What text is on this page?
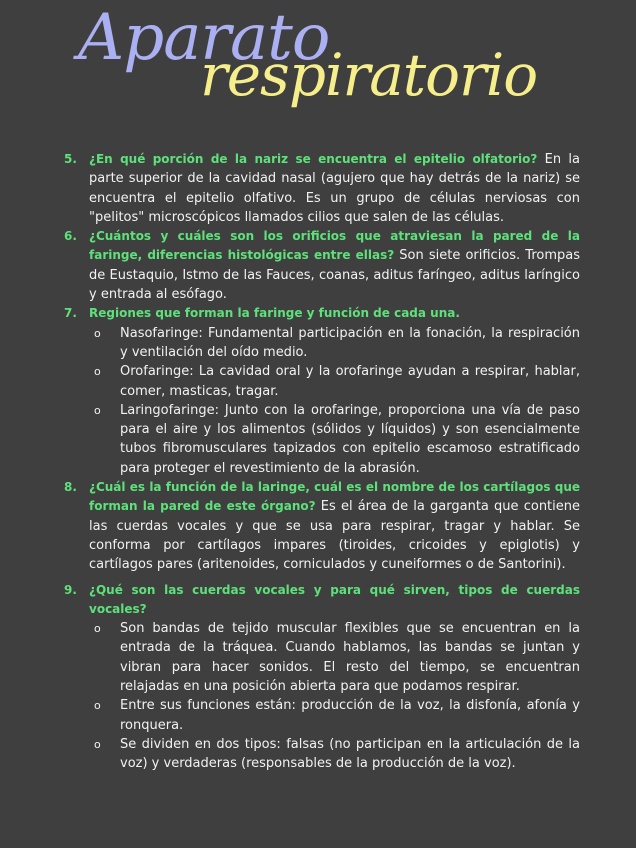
Aparato
respiratorio
5.	¿En qué porción de la nariz se encuentra el epitelio olfatorio? En la parte superior de la cavidad nasal (agujero que hay detrás de la nariz) se encuentra el epitelio olfativo. Es un grupo de células nerviosas con "pelitos" microscópicos llamados cilios que salen de las células.
6.	¿Cuántos y cuáles son los orificios que atraviesan la pared de la faringe, diferencias histológicas entre ellas? Son siete orificios. Trompas de Eustaquio, Istmo de las Fauces, coanas, aditus faríngeo, aditus laríngico y entrada al esófago.
7.	Regiones que forman la faringe y función de cada una.
o	Nasofaringe: Fundamental participación en la fonación, la respiración y ventilación del oído medio.
o	Orofaringe: La cavidad oral y la orofaringe ayudan a respirar, hablar, comer, masticas, tragar.
o	Laringofaringe: Junto con la orofaringe, proporciona una vía de paso para el aire y los alimentos (sólidos y líquidos) y son esencialmente tubos fibromusculares tapizados con epitelio escamoso estratificado para proteger el revestimiento de la abrasión.
8.	¿Cuál es la función de la laringe, cuál es el nombre de los cartílagos que forman la pared de este órgano? Es el área de la garganta que contiene las cuerdas vocales y que se usa para respirar, tragar y hablar. Se conforma por cartílagos impares (tiroides, cricoides y epiglotis) y cartílagos pares (aritenoides, corniculados y cuneiformes o de Santorini).
9.	¿Qué son las cuerdas vocales y para qué sirven, tipos de cuerdas vocales?
o	Son bandas de tejido muscular flexibles que se encuentran en la entrada de la tráquea. Cuando hablamos, las bandas se juntan y vibran para hacer sonidos. El resto del tiempo, se encuentran relajadas en una posición abierta para que podamos respirar.
o	Entre sus funciones están: producción de la voz, la disfonía, afonía y ronquera.
o	Se dividen en dos tipos: falsas (no participan en la articulación de la voz) y verdaderas (responsables de la producción de la voz).
